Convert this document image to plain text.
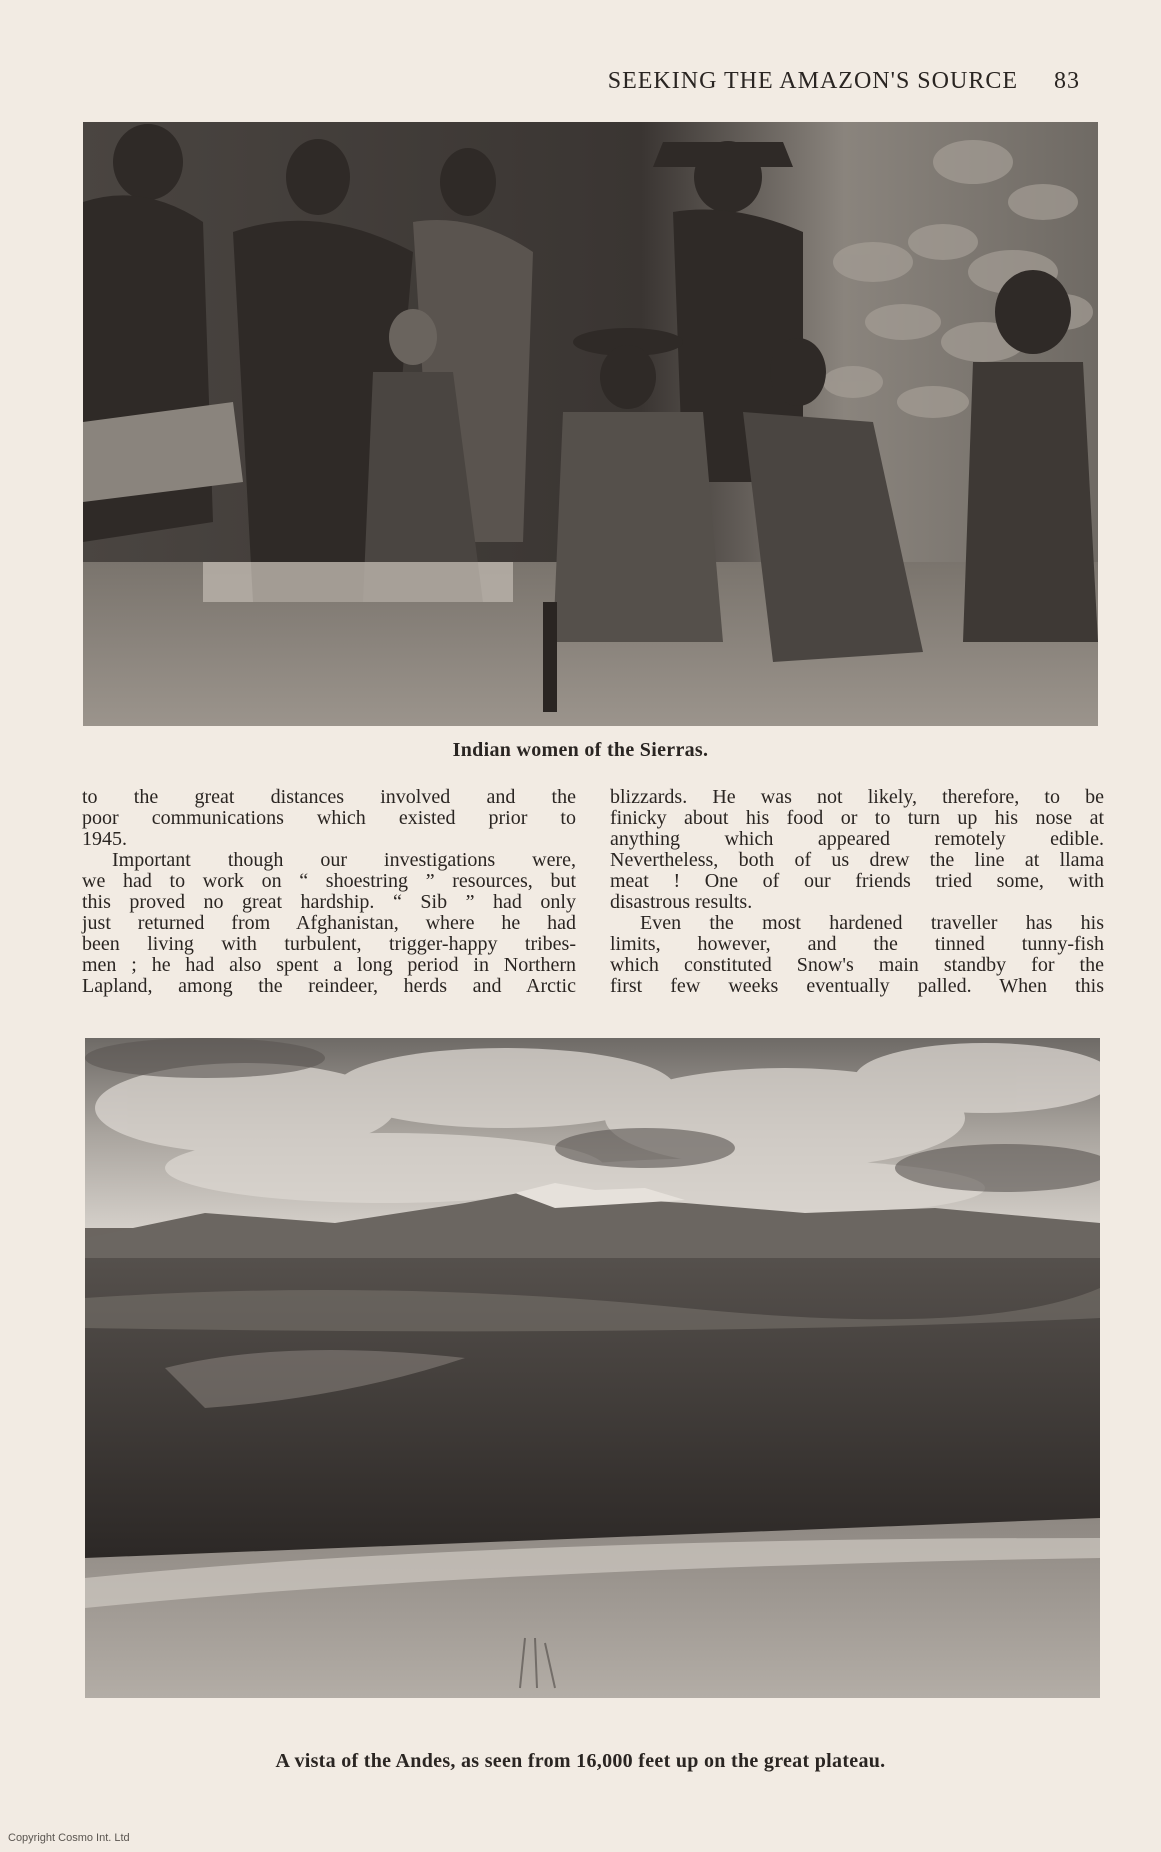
SEEKING THE AMAZON'S SOURCE 83
Indian women of the Sierras.

to the great distances involved and the
poor communications which existed prior to
1945.

Important though our investigations were,
we had to work on “ shoestring ” resources, but
this proved no great hardship. “ Sib ” had only
just returned from Afghanistan, where he had
been living with turbulent, trigger-happy tribes-
men ; he had also spent a long period in Northern
Lapland, among the reindeer, herds and Arctic

blizzards. He was not likely, therefore, to be
finicky about his food or to turn up his nose at
anything which appeared remotely edible.
Nevertheless, both of us drew the line at llama
meat ! One of our friends tried some, with
disastrous results.

Even the most hardened traveller has his
limits, however, and the tinned tunny-fish
which constituted Snow's main standby for the
first few weeks eventually palled. When this

A vista of the Andes, as seen from 16,000 feet up on the great plateau.
Copyright Cosmo Int. Ltd
